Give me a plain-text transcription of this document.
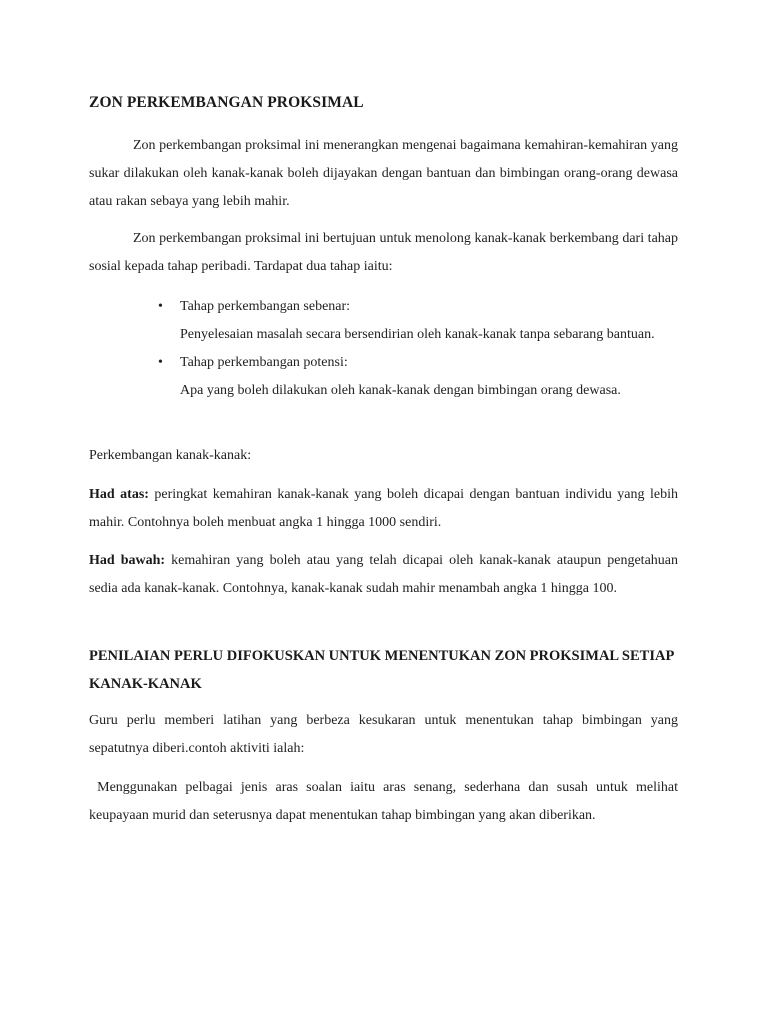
ZON PERKEMBANGAN PROKSIMAL
Zon perkembangan proksimal ini menerangkan mengenai bagaimana kemahiran-kemahiran yang sukar dilakukan oleh kanak-kanak boleh dijayakan dengan bantuan dan bimbingan orang-orang dewasa atau rakan sebaya yang lebih mahir.
Zon perkembangan proksimal ini bertujuan untuk menolong kanak-kanak berkembang dari tahap sosial kepada tahap peribadi. Tardapat dua tahap iaitu:
• Tahap perkembangan sebenar:
Penyelesaian masalah secara bersendirian oleh kanak-kanak tanpa sebarang bantuan.
• Tahap perkembangan potensi:
Apa yang boleh dilakukan oleh kanak-kanak dengan bimbingan orang dewasa.
Perkembangan kanak-kanak:
Had atas: peringkat kemahiran kanak-kanak yang boleh dicapai dengan bantuan individu yang lebih mahir. Contohnya boleh menbuat angka 1 hingga 1000 sendiri.
Had bawah: kemahiran yang boleh atau yang telah dicapai oleh kanak-kanak ataupun pengetahuan sedia ada kanak-kanak. Contohnya, kanak-kanak sudah mahir menambah angka 1 hingga 100.
PENILAIAN PERLU DIFOKUSKAN UNTUK MENENTUKAN ZON PROKSIMAL SETIAP KANAK-KANAK
Guru perlu memberi latihan yang berbeza kesukaran untuk menentukan tahap bimbingan yang sepatutnya diberi.contoh aktiviti ialah:
Menggunakan pelbagai jenis aras soalan iaitu aras senang, sederhana dan susah untuk melihat keupayaan murid dan seterusnya dapat menentukan tahap bimbingan yang akan diberikan.
